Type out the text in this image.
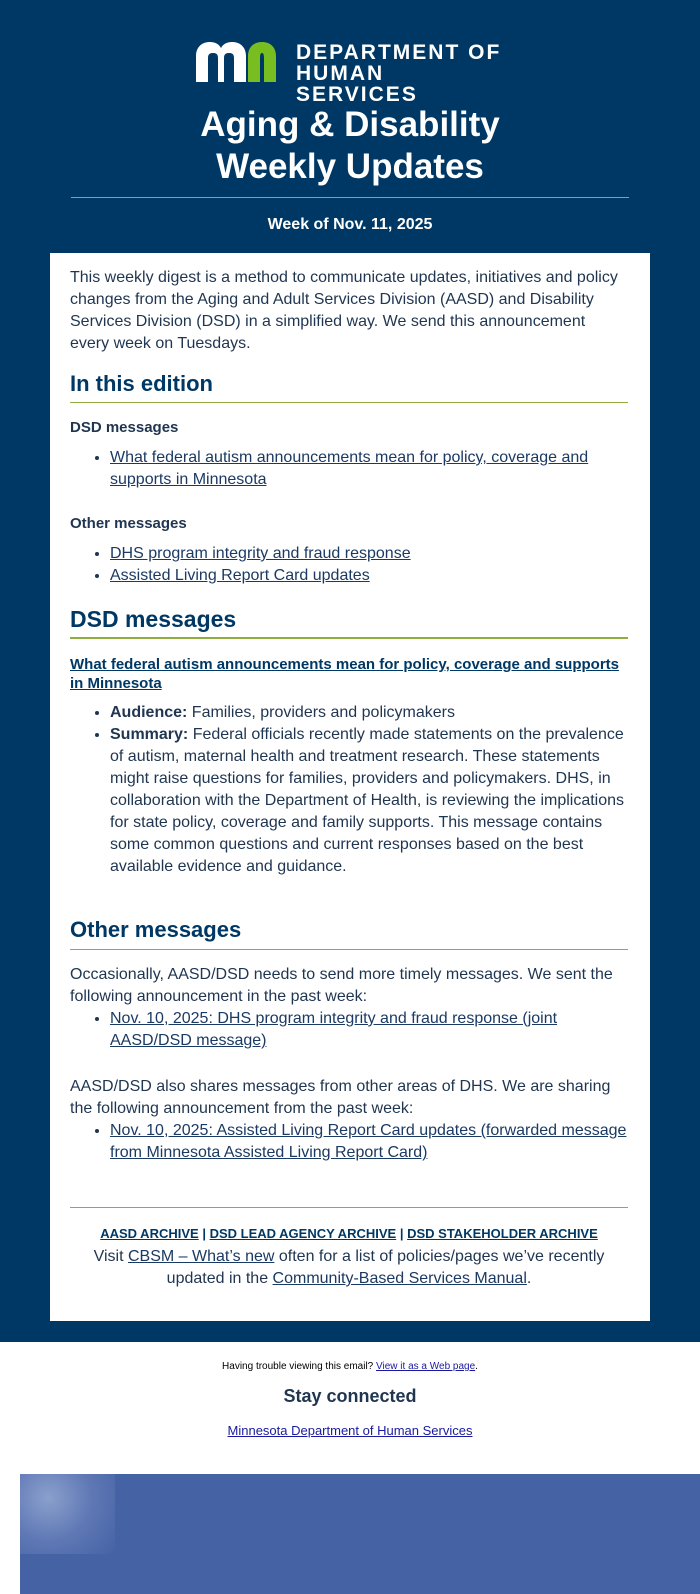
DEPARTMENT OF
HUMAN SERVICES
Aging & Disability
Weekly Updates
Week of Nov. 11, 2025
This weekly digest is a method to communicate updates, initiatives and policy changes from the Aging and Adult Services Division (AASD) and Disability Services Division (DSD) in a simplified way. We send this announcement every week on Tuesdays.
In this edition
DSD messages
• What federal autism announcements mean for policy, coverage and supports in Minnesota
Other messages
• DHS program integrity and fraud response
• Assisted Living Report Card updates
DSD messages
What federal autism announcements mean for policy, coverage and supports in Minnesota
• Audience: Families, providers and policymakers
• Summary: Federal officials recently made statements on the prevalence of autism, maternal health and treatment research. These statements might raise questions for families, providers and policymakers. DHS, in collaboration with the Department of Health, is reviewing the implications for state policy, coverage and family supports. This message contains some common questions and current responses based on the best available evidence and guidance.
Other messages
Occasionally, AASD/DSD needs to send more timely messages. We sent the following announcement in the past week:
• Nov. 10, 2025: DHS program integrity and fraud response (joint AASD/DSD message)
AASD/DSD also shares messages from other areas of DHS. We are sharing the following announcement from the past week:
• Nov. 10, 2025: Assisted Living Report Card updates (forwarded message from Minnesota Assisted Living Report Card)
AASD ARCHIVE | DSD LEAD AGENCY ARCHIVE | DSD STAKEHOLDER ARCHIVE
Visit CBSM – What’s new often for a list of policies/pages we’ve recently updated in the Community-Based Services Manual.
Having trouble viewing this email? View it as a Web page.
Stay connected
Minnesota Department of Human Services
